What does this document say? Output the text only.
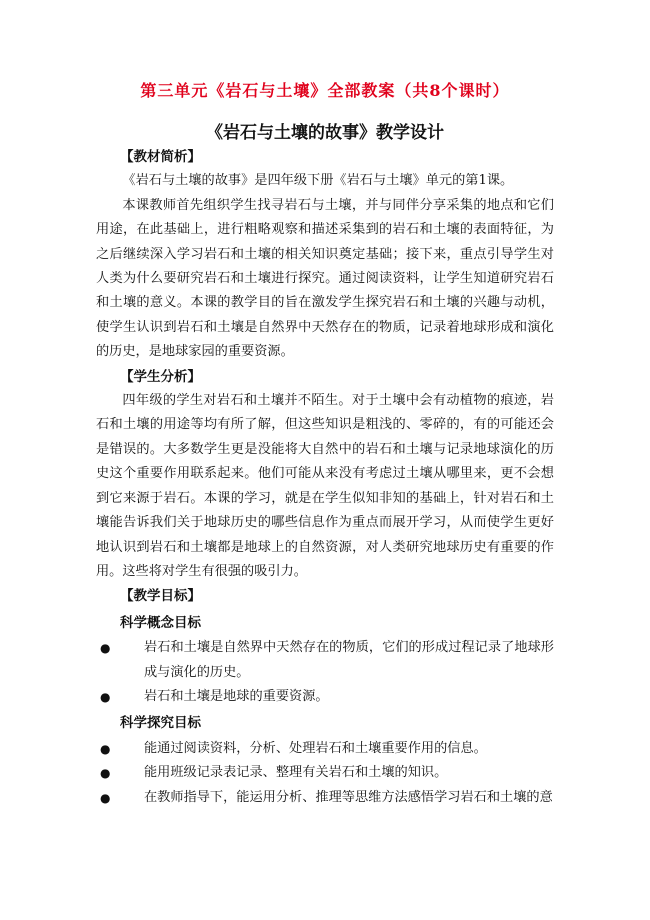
第三单元《岩石与土壤》全部教案（共8个课时）
《岩石与土壤的故事》教学设计

【教材简析】

《岩石与土壤的故事》是四年级下册《岩石与土壤》单元的第1课。

本课教师首先组织学生找寻岩石与土壤，并与同伴分享采集的地点和它们用途，在此基础上，进行粗略观察和描述采集到的岩石和土壤的表面特征，为之后继续深入学习岩石和土壤的相关知识奠定基础；接下来，重点引导学生对人类为什么要研究岩石和土壤进行探究。通过阅读资料，让学生知道研究岩石和土壤的意义。本课的教学目的旨在激发学生探究岩石和土壤的兴趣与动机，使学生认识到岩石和土壤是自然界中天然存在的物质，记录着地球形成和演化的历史，是地球家园的重要资源。

【学生分析】

四年级的学生对岩石和土壤并不陌生。对于土壤中会有动植物的痕迹，岩石和土壤的用途等均有所了解，但这些知识是粗浅的、零碎的，有的可能还会是错误的。大多数学生更是没能将大自然中的岩石和土壤与记录地球演化的历史这个重要作用联系起来。他们可能从来没有考虑过土壤从哪里来，更不会想到它来源于岩石。本课的学习，就是在学生似知非知的基础上，针对岩石和土壤能告诉我们关于地球历史的哪些信息作为重点而展开学习，从而使学生更好地认识到岩石和土壤都是地球上的自然资源，对人类研究地球历史有重要的作用。这些将对学生有很强的吸引力。

【教学目标】

科学概念目标

●	岩石和土壤是自然界中天然存在的物质，它们的形成过程记录了地球形成与演化的历史。
●	岩石和土壤是地球的重要资源。

科学探究目标

●	能通过阅读资料，分析、处理岩石和土壤重要作用的信息。
●	能用班级记录表记录、整理有关岩石和土壤的知识。
●	在教师指导下，能运用分析、推理等思维方法感悟学习岩石和土壤的意
